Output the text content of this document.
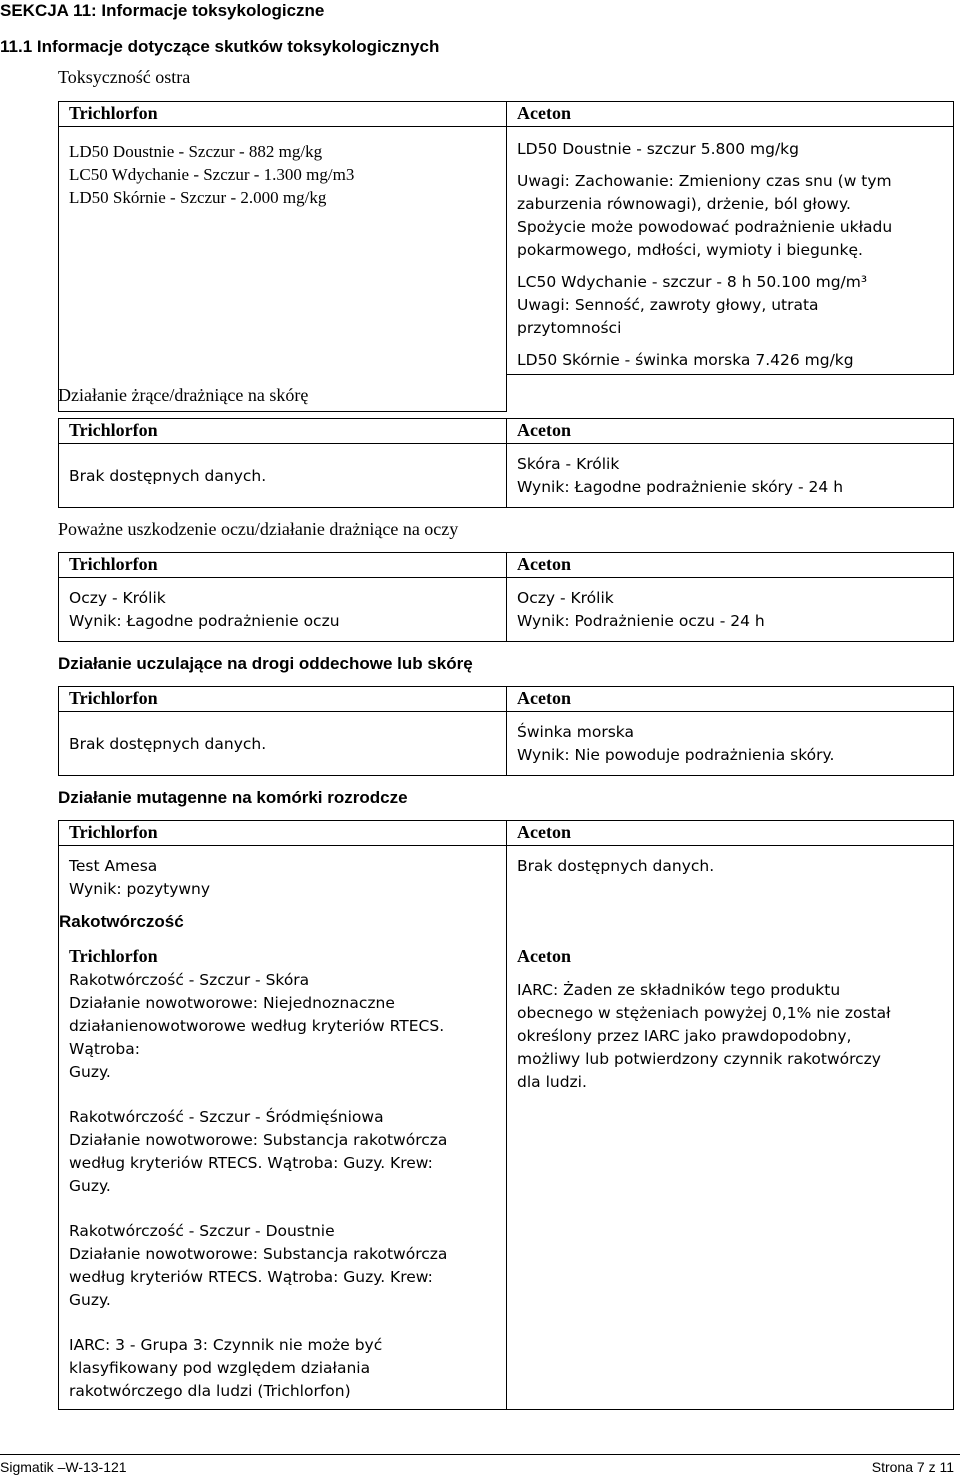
SEKCJA 11: Informacje toksykologiczne
11.1 Informacje dotyczące skutków toksykologicznych
Toksyczność ostra
Trichlorfon
LD50 Doustnie - Szczur - 882 mg/kg
LC50 Wdychanie - Szczur - 1.300 mg/m3
LD50 Skórnie - Szczur - 2.000 mg/kg
Aceton
LD50 Doustnie - szczur 5.800 mg/kg
Uwagi: Zachowanie: Zmieniony czas snu (w tym
zaburzenia równowagi), drżenie, ból głowy.
Spożycie może powodować podrażnienie układu
pokarmowego, mdłości, wymioty i biegunkę.
LC50 Wdychanie - szczur - 8 h 50.100 mg/m³
Uwagi: Senność, zawroty głowy, utrata
przytomności
LD50 Skórnie - świnka morska 7.426 mg/kg
Działanie żrące/drażniące na skórę
Trichlorfon
Brak dostępnych danych.
Aceton
Skóra - Królik
Wynik: Łagodne podrażnienie skóry - 24 h
Poważne uszkodzenie oczu/działanie drażniące na oczy
Trichlorfon
Oczy - Królik
Wynik: Łagodne podrażnienie oczu
Aceton
Oczy - Królik
Wynik: Podrażnienie oczu - 24 h
Działanie uczulające na drogi oddechowe lub skórę
Trichlorfon
Brak dostępnych danych.
Aceton
Świnka morska
Wynik: Nie powoduje podrażnienia skóry.
Działanie mutagenne na komórki rozrodcze
Trichlorfon
Test Amesa
Wynik: pozytywny
Rakotwórczość
Trichlorfon
Rakotwórczość - Szczur - Skóra
Działanie nowotworowe: Niejednoznaczne
działanienowotworowe według kryteriów RTECS.
Wątroba:
Guzy.
Rakotwórczość - Szczur - Śródmięśniowa
Działanie nowotworowe: Substancja rakotwórcza
według kryteriów RTECS. Wątroba: Guzy. Krew:
Guzy.
Rakotwórczość - Szczur - Doustnie
Działanie nowotworowe: Substancja rakotwórcza
według kryteriów RTECS. Wątroba: Guzy. Krew:
Guzy.
IARC: 3 - Grupa 3: Czynnik nie może być
klasyfikowany pod względem działania
rakotwórczego dla ludzi (Trichlorfon)
Aceton
Brak dostępnych danych.
Aceton
IARC: Żaden ze składników tego produktu
obecnego w stężeniach powyżej 0,1% nie został
określony przez IARC jako prawdopodobny,
możliwy lub potwierdzony czynnik rakotwórczy
dla ludzi.
Sigmatik –W-13-121	Strona 7 z 11
